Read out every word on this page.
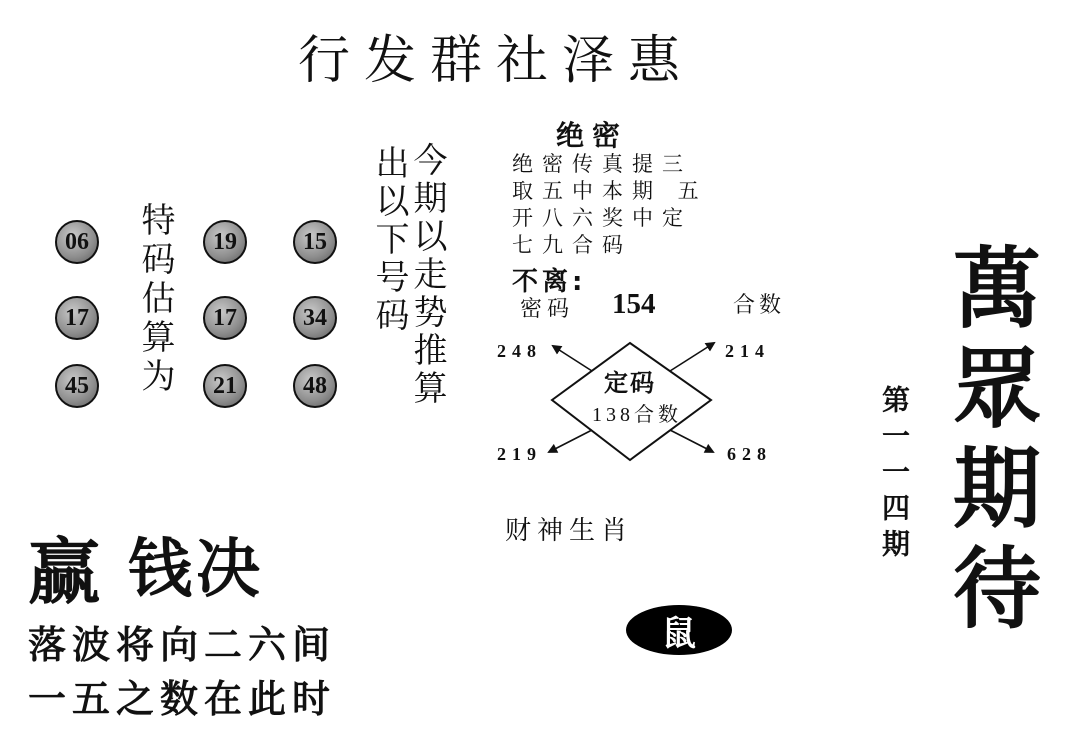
行发群社泽惠
06	19	15
17	17	34
45	21	48
特码估算为	出以下号码
今期以走势推算
绝密
绝密传真提三
取五中本期 五
开八六奖中定
七九合码
不离:
密码 154	合数
定码
138合数
248	214
219	628
财神生肖
鼠
赢 钱决
落波将向二六间
一五之数在此时
第一一四期 萬眾期待
